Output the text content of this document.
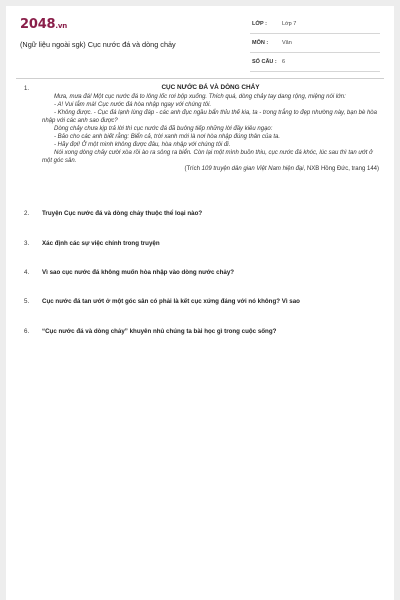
2048.vn
(Ngữ liệu ngoài sgk) Cục nước đá và dòng chảy
LỚP :	Lớp 7
MÔN :	Văn
SỐ CÂU : 6
1.	CỤC NƯỚC ĐÁ VÀ DÒNG CHẢY
Mưa, mưa đá! Một cục nước đá to lông lốc rơi bộp xuống. Thích quá, dòng chảy tay dang rộng, miệng nói lớn:
- A! Vui lắm mà! Cục nước đá hòa nhập ngay với chúng tôi.
- Không được. - Cục đá lạnh lùng đáp - các anh đục ngầu bẩn thỉu thế kia, ta - trong trắng to đẹp nhường này, bạn bè hòa nhập với các anh sao được?
Dòng chảy chưa kịp trả lời thì cục nước đá đã buông tiếp những lời đầy kiêu ngạo:
- Bảo cho các anh biết rằng: Biển cả, trời xanh mới là nơi hòa nhập đúng thân của ta.
- Hãy đợi! Ở một mình không được đâu, hòa nhập với chúng tôi đi.
Nói xong dòng chảy cười xòa rồi ào ra sông ra biển. Còn lại một mình buồn thiu, cục nước đá khóc, lúc sau thì tan ướt ở một góc sân.
(Trích 109 truyện dân gian Việt Nam hiện đại, NXB Hồng Đức, trang 144)
2. Truyện Cục nước đá và dòng chảy thuộc thể loại nào?
3. Xác định các sự việc chính trong truyện
4. Vì sao cục nước đá không muốn hòa nhập vào dòng nước chảy?
5. Cục nước đá tan ướt ở một góc sân có phải là kết cục xứng đáng với nó không? Vì sao
6. “Cục nước đá và dòng chảy” khuyên nhủ chúng ta bài học gì trong cuộc sống?
